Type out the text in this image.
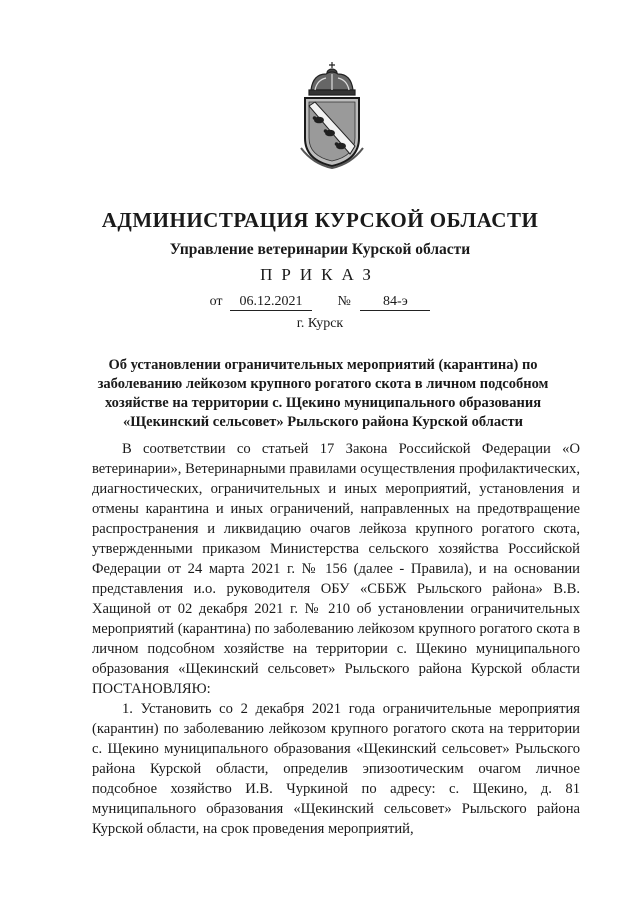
АДМИНИСТРАЦИЯ КУРСКОЙ ОБЛАСТИ
Управление ветеринарии Курской области
ПРИКАЗ
от 06.12.2021	№ 84-э
г. Курск
Об установлении ограничительных мероприятий (карантина) по заболеванию лейкозом крупного рогатого скота в личном подсобном хозяйстве на территории с. Щекино муниципального образования «Щекинский сельсовет» Рыльского района Курской области

В соответствии со статьей 17 Закона Российской Федерации «О ветеринарии», Ветеринарными правилами осуществления профилактических, диагностических, ограничительных и иных мероприятий, установления и отмены карантина и иных ограничений, направленных на предотвращение распространения и ликвидацию очагов лейкоза крупного рогатого скота, утвержденными приказом Министерства сельского хозяйства Российской Федерации от 24 марта 2021 г. № 156 (далее - Правила), и на основании представления и.о. руководителя ОБУ «СББЖ Рыльского района» В.В. Хащиной от 02 декабря 2021 г. № 210 об установлении ограничительных мероприятий (карантина) по заболеванию лейкозом крупного рогатого скота в личном подсобном хозяйстве на территории с. Щекино муниципального образования «Щекинский сельсовет» Рыльского района Курской области ПОСТАНОВЛЯЮ:

1. Установить со 2 декабря 2021 года ограничительные мероприятия (карантин) по заболеванию лейкозом крупного рогатого скота на территории с. Щекино муниципального образования «Щекинский сельсовет» Рыльского района Курской области, определив эпизоотическим очагом личное подсобное хозяйство И.В. Чуркиной по адресу: с. Щекино, д. 81 муниципального образования «Щекинский сельсовет» Рыльского района Курской области, на срок проведения мероприятий,
